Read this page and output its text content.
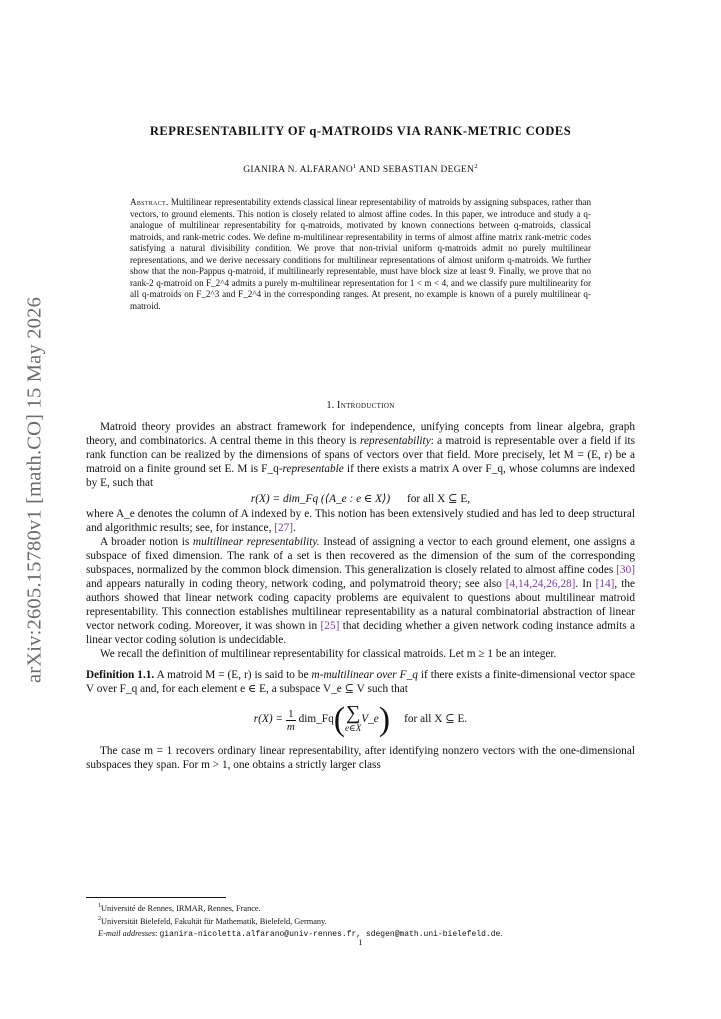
arXiv:2605.15780v1 [math.CO] 15 May 2026
REPRESENTABILITY OF q-MATROIDS VIA RANK-METRIC CODES
GIANIRA N. ALFARANO$^1$ AND SEBASTIAN DEGEN$^2$
Abstract. Multilinear representability extends classical linear representability of matroids by assigning subspaces, rather than vectors, to ground elements. This notion is closely related to almost affine codes. In this paper, we introduce and study a q-analogue of multilinear representability for q-matroids, motivated by known connections between q-matroids, classical matroids, and rank-metric codes. We define m-multilinear representability in terms of almost affine matrix rank-metric codes satisfying a natural divisibility condition. We prove that non-trivial uniform q-matroids admit no purely multilinear representations, and we derive necessary conditions for multilinear representations of almost uniform q-matroids. We further show that the non-Pappus q-matroid, if multilinearly representable, must have block size at least 9. Finally, we prove that no rank-2 q-matroid on F_2^4 admits a purely m-multilinear representation for 1 < m < 4, and we classify pure multilinearity for all q-matroids on F_2^3 and F_2^4 in the corresponding ranges. At present, no example is known of a purely multilinear q-matroid.
1. Introduction

Matroid theory provides an abstract framework for independence, unifying concepts from linear algebra, graph theory, and combinatorics. A central theme in this theory is representability: a matroid is representable over a field if its rank function can be realized by the dimensions of spans of vectors over that field. More precisely, let M = (E, r) be a matroid on a finite ground set E. M is F_q-representable if there exists a matrix A over F_q, whose columns are indexed by E, such that

r(X) = dim_Fq (⟨A_e : e ∈ X⟩) for all X ⊆ E,

where A_e denotes the column of A indexed by e. This notion has been extensively studied and has led to deep structural and algorithmic results; see, for instance, [27].

A broader notion is multilinear representability. Instead of assigning a vector to each ground element, one assigns a subspace of fixed dimension. The rank of a set is then recovered as the dimension of the sum of the corresponding subspaces, normalized by the common block dimension. This generalization is closely related to almost affine codes [30] and appears naturally in coding theory, network coding, and polymatroid theory; see also [4,14,24,26,28]. In [14], the authors showed that linear network coding capacity problems are equivalent to questions about multilinear matroid representability. This connection establishes multilinear representability as a natural combinatorial abstraction of linear vector network coding. Moreover, it was shown in [25] that deciding whether a given network coding instance admits a linear vector coding solution is undecidable.

We recall the definition of multilinear representability for classical matroids. Let m ≥ 1 be an integer.

Definition 1.1. A matroid M = (E, r) is said to be m-multilinear over F_q if there exists a finite-dimensional vector space V over F_q and, for each element e ∈ E, a subspace V_e ⊆ V such that

$r(X) = \frac{1}{m}$ dim_Fq ( ∑
e∈X
V_e ) for all X ⊆ E.

The case m = 1 recovers ordinary linear representability, after identifying nonzero vectors with the one-dimensional subspaces they span. For m > 1, one obtains a strictly larger class

$^1$Université de Rennes, IRMAR, Rennes, France.
$^2$Universität Bielefeld, Fakultät für Mathematik, Bielefeld, Germany.
E-mail addresses: gianira-nicoletta.alfarano@univ-rennes.fr, sdegen@math.uni-bielefeld.de.
1
